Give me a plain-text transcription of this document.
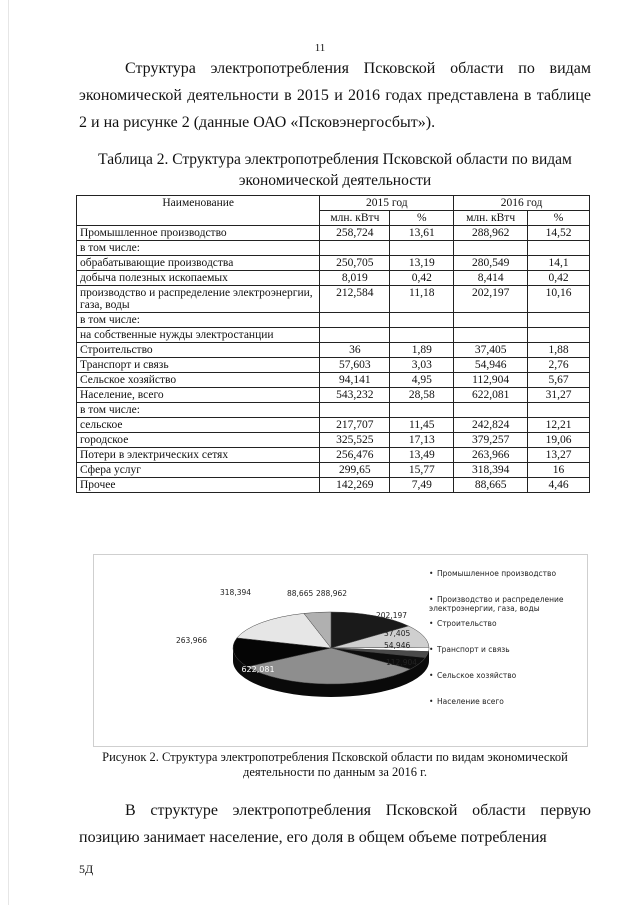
11
Структура электропотребления Псковской области по видам экономической деятельности в 2015 и 2016 годах представлена в таблице 2 и на рисунке 2 (данные ОАО «Псковэнергосбыт»).
Таблица 2. Структура электропотребления Псковской области по видам экономической деятельности
Наименование	2015 год		2016 год	
	млн. кВтч	%	млн. кВтч	%
Промышленное производство	258,724	13,61	288,962	14,52
в том числе:				
обрабатывающие производства	250,705	13,19	280,549	14,1
добыча полезных ископаемых	8,019	0,42	8,414	0,42
производство и распределение электроэнергии, газа, воды	212,584	11,18	202,197	10,16
в том числе:				
на собственные нужды электростанции				
Строительство	36	1,89	37,405	1,88
Транспорт и связь	57,603	3,03	54,946	2,76
Сельское хозяйство	94,141	4,95	112,904	5,67
Население, всего	543,232	28,58	622,081	31,27
в том числе:				
сельское	217,707	11,45	242,824	12,21
городское	325,525	17,13	379,257	19,06
Потери в электрических сетях	256,476	13,49	263,966	13,27
Сфера услуг	299,65	15,77	318,394	16
Прочее	142,269	7,49	88,665	4,46
288,962
202,197
37,405
54,946
112,904
622,081
263,966
318,394	88,665
• Промышленное производство
• Производство и распределение электроэнергии, газа, воды
• Строительство
• Транспорт и связь
• Сельское хозяйство
• Население всего
Рисунок 2. Структура электропотребления Псковской области по видам экономической деятельности по данным за 2016 г.
В структуре электропотребления Псковской области первую позицию занимает население, его доля в общем объеме потребления
5Д
